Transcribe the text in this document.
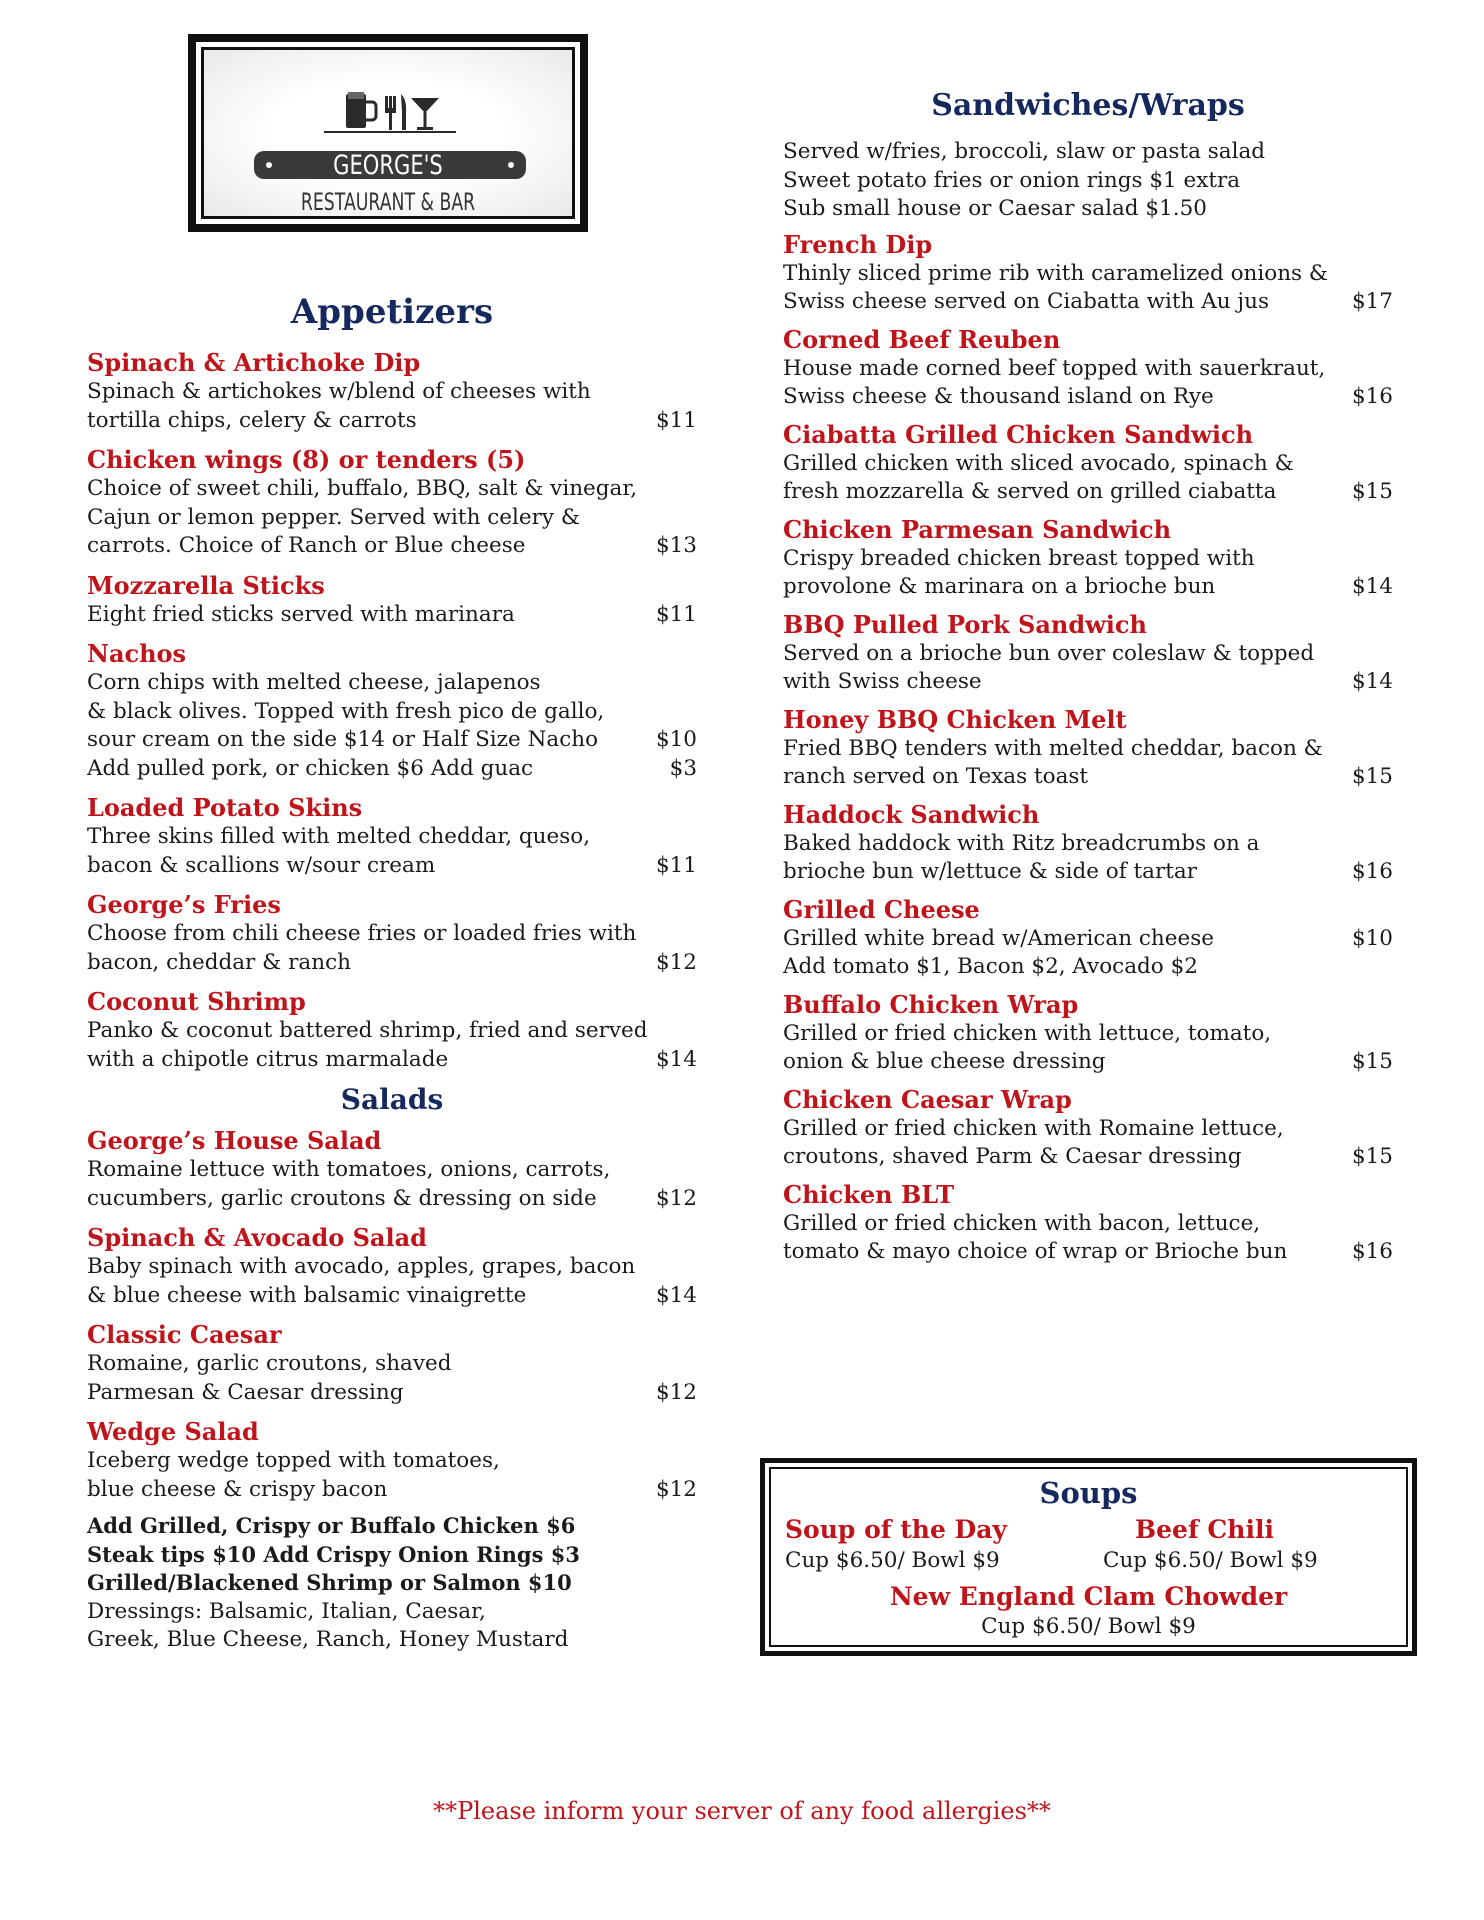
GEORGE'S
RESTAURANT & BAR
Appetizers
Spinach & Artichoke Dip
Spinach & artichokes w/blend of cheeses with
tortilla chips, celery & carrots	$11
Chicken wings (8) or tenders (5)
Choice of sweet chili, buffalo, BBQ, salt & vinegar,
Cajun or lemon pepper. Served with celery &
carrots. Choice of Ranch or Blue cheese	$13
Mozzarella Sticks
Eight fried sticks served with marinara	$11
Nachos
Corn chips with melted cheese, jalapenos
& black olives. Topped with fresh pico de gallo,
sour cream on the side $14 or Half Size Nacho	$10
Add pulled pork, or chicken $6 Add guac	$3
Loaded Potato Skins
Three skins filled with melted cheddar, queso,
bacon & scallions w/sour cream	$11
George’s Fries
Choose from chili cheese fries or loaded fries with
bacon, cheddar & ranch	$12
Coconut Shrimp
Panko & coconut battered shrimp, fried and served
with a chipotle citrus marmalade	$14
Salads
George’s House Salad
Romaine lettuce with tomatoes, onions, carrots,
cucumbers, garlic croutons & dressing on side	$12
Spinach & Avocado Salad
Baby spinach with avocado, apples, grapes, bacon
& blue cheese with balsamic vinaigrette	$14
Classic Caesar
Romaine, garlic croutons, shaved
Parmesan & Caesar dressing	$12
Wedge Salad
Iceberg wedge topped with tomatoes,
blue cheese & crispy bacon	$12
Add Grilled, Crispy or Buffalo Chicken $6
Steak tips $10 Add Crispy Onion Rings $3
Grilled/Blackened Shrimp or Salmon $10
Dressings: Balsamic, Italian, Caesar,
Greek, Blue Cheese, Ranch, Honey Mustard
Sandwiches/Wraps
Served w/fries, broccoli, slaw or pasta salad
Sweet potato fries or onion rings $1 extra
Sub small house or Caesar salad $1.50
French Dip
Thinly sliced prime rib with caramelized onions &
Swiss cheese served on Ciabatta with Au jus	$17
Corned Beef Reuben
House made corned beef topped with sauerkraut,
Swiss cheese & thousand island on Rye	$16
Ciabatta Grilled Chicken Sandwich
Grilled chicken with sliced avocado, spinach &
fresh mozzarella & served on grilled ciabatta	$15
Chicken Parmesan Sandwich
Crispy breaded chicken breast topped with
provolone & marinara on a brioche bun	$14
BBQ Pulled Pork Sandwich
Served on a brioche bun over coleslaw & topped
with Swiss cheese	$14
Honey BBQ Chicken Melt
Fried BBQ tenders with melted cheddar, bacon &
ranch served on Texas toast	$15
Haddock Sandwich
Baked haddock with Ritz breadcrumbs on a
brioche bun w/lettuce & side of tartar	$16
Grilled Cheese
Grilled white bread w/American cheese	$10
Add tomato $1, Bacon $2, Avocado $2
Buffalo Chicken Wrap
Grilled or fried chicken with lettuce, tomato,
onion & blue cheese dressing	$15
Chicken Caesar Wrap
Grilled or fried chicken with Romaine lettuce,
croutons, shaved Parm & Caesar dressing	$15
Chicken BLT
Grilled or fried chicken with bacon, lettuce,
tomato & mayo choice of wrap or Brioche bun	$16
Soups
Soup of the Day
Cup $6.50/ Bowl $9
Beef Chili
Cup $6.50/ Bowl $9
New England Clam Chowder
Cup $6.50/ Bowl $9
**Please inform your server of any food allergies**
